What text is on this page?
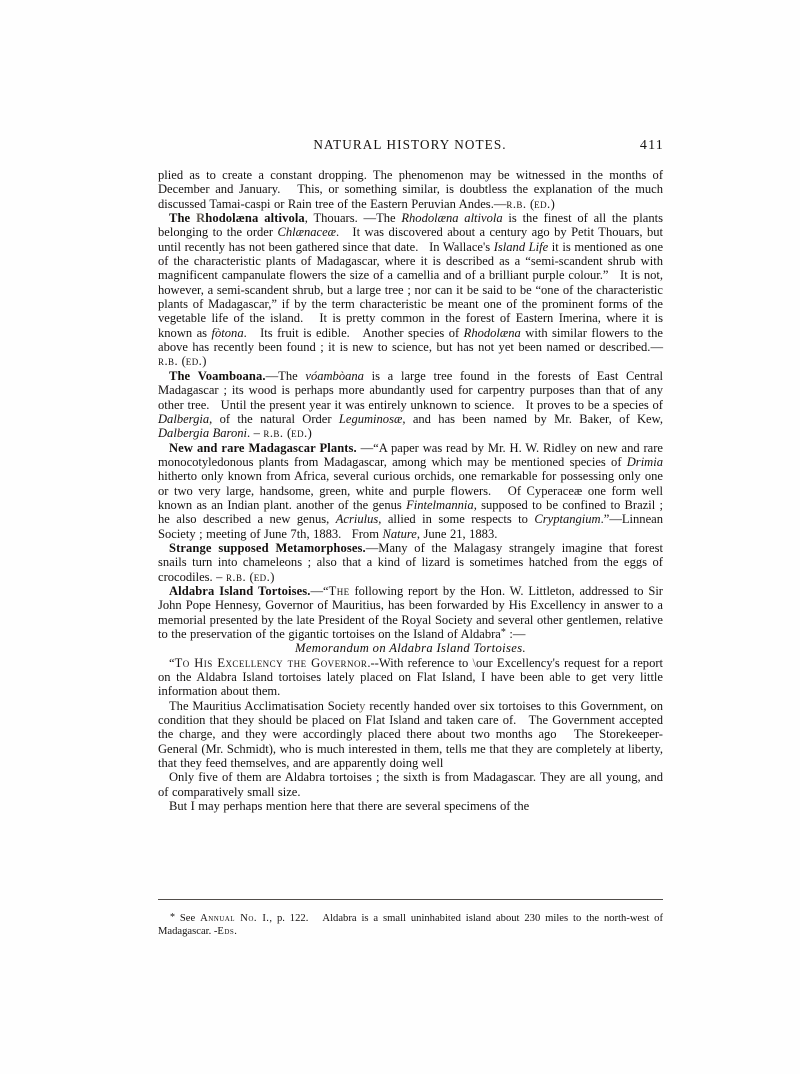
NATURAL HISTORY NOTES.	411

plied as to create a constant dropping. The phenomenon may be witnessed in the months of December and January.   This, or something similar, is doubtless the explanation of the much discussed Tamai-caspi or Rain tree of the Eastern Peruvian Andes.—r.b. (ed.)

The Rhodolæna altivola, Thouars. —The Rhodolæna altivola is the finest of all the plants belonging to the order Chlænaceæ.   It was discovered about a century ago by Petit Thouars, but until recently has not been gathered since that date.   In Wallace's Island Life it is mentioned as one of the characteristic plants of Madagascar, where it is described as a “semi-scandent shrub with magnificent campanulate flowers the size of a camellia and of a brilliant purple colour.”   It is not, however, a semi-scandent shrub, but a large tree ; nor can it be said to be “one of the characteristic plants of Madagascar,” if by the term characteristic be meant one of the prominent forms of the vegetable life of the island.   It is pretty common in the forest of Eastern Imerina, where it is known as fòtona.   Its fruit is edible.   Another species of Rhodolæna with similar flowers to the above has recently been found ; it is new to science, but has not yet been named or described.—r.b. (ed.)

The Voamboana.—The vóambòana is a large tree found in the forests of East Central Madagascar ; its wood is perhaps more abundantly used for carpentry purposes than that of any other tree.   Until the present year it was entirely unknown to science.   It proves to be a species of Dalbergia, of the natural Order Leguminosæ, and has been named by Mr. Baker, of Kew, Dalbergia Baroni. – r.b. (ed.)

New and rare Madagascar Plants. —“A paper was read by Mr. H. W. Ridley on new and rare monocotyledonous plants from Madagascar, among which may be mentioned species of Drimia hitherto only known from Africa, several curious orchids, one remarkable for possessing only one or two very large, handsome, green, white and purple flowers.   Of Cyperaceæ one form well known as an Indian plant. another of the genus Fintelmannia, supposed to be confined to Brazil ; he also described a new genus, Acriulus, allied in some respects to Cryptangium.”—Linnean Society ; meeting of June 7th, 1883.   From Nature, June 21, 1883.

Strange supposed Metamorphoses.—Many of the Malagasy strangely imagine that forest snails turn into chameleons ; also that a kind of lizard is sometimes hatched from the eggs of crocodiles. – r.b. (ed.)

Aldabra Island Tortoises.—“The following report by the Hon. W. Littleton, addressed to Sir John Pope Hennesy, Governor of Mauritius, has been forwarded by His Excellency in answer to a memorial presented by the late President of the Royal Society and several other gentlemen, relative to the preservation of the gigantic tortoises on the Island of Aldabra* :—

Memorandum on Aldabra Island Tortoises.

“To His Excellency the Governor.‑‑With reference to \our Excellency's request for a report on the Aldabra Island tortoises lately placed on Flat Island, I have been able to get very little information about them.

The Mauritius Acclimatisation Society recently handed over six tortoises to this Government, on condition that they should be placed on Flat Island and taken care of.   The Government accepted the charge, and they were accordingly placed there about two months ago   The Storekeeper-General (Mr. Schmidt), who is much interested in them, tells me that they are completely at liberty, that they feed themselves, and are apparently doing well

Only five of them are Aldabra tortoises ; the sixth is from Madagascar. They are all young, and of comparatively small size.

But I may perhaps mention here that there are several specimens of the

* See Annual No. I., p. 122.   Aldabra is a small uninhabited island about 230 miles to the north-west of Madagascar. -Eds.
